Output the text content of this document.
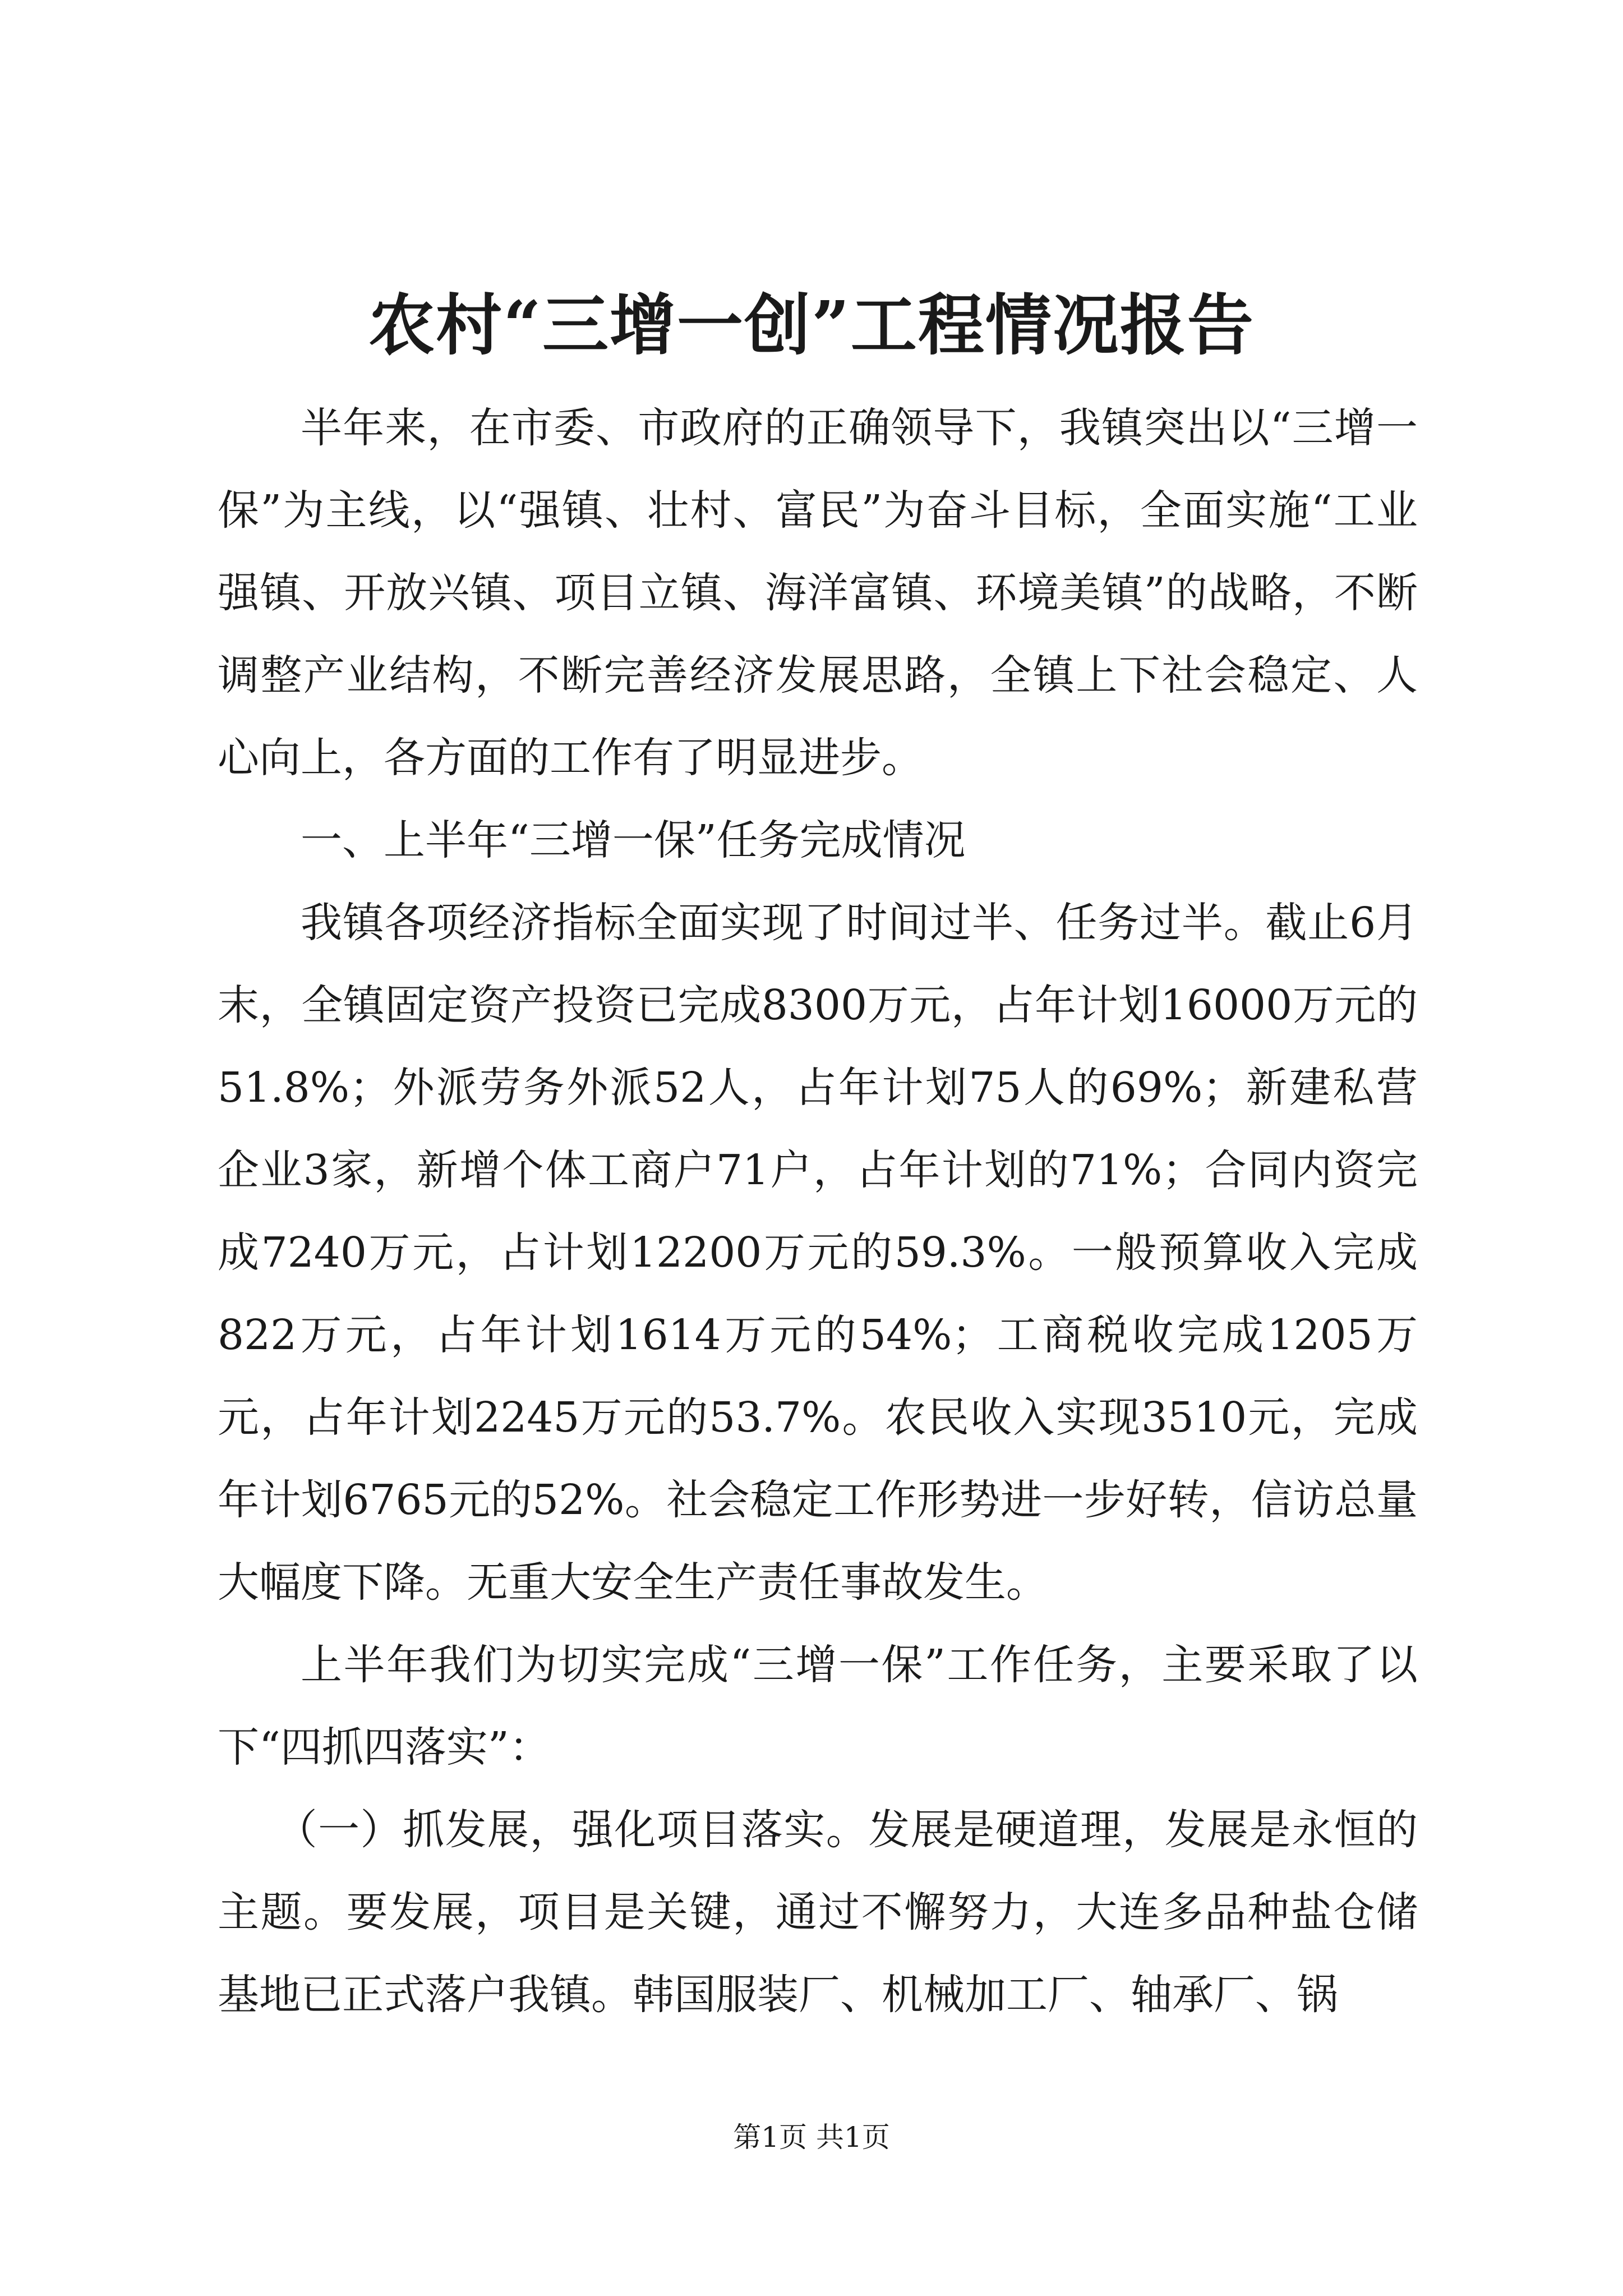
农村“三增一创”工程情况报告

半年来，在市委、市政府的正确领导下，我镇突出以“三增一保”为主线，以“强镇、壮村、富民”为奋斗目标，全面实施“工业强镇、开放兴镇、项目立镇、海洋富镇、环境美镇”的战略，不断调整产业结构，不断完善经济发展思路，全镇上下社会稳定、人心向上，各方面的工作有了明显进步。

一、上半年“三增一保”任务完成情况

我镇各项经济指标全面实现了时间过半、任务过半。截止6月末，全镇固定资产投资已完成8300万元，占年计划16000万元的51.8%；外派劳务外派52人，占年计划75人的69%；新建私营企业3家，新增个体工商户71户，占年计划的71%；合同内资完成7240万元，占计划12200万元的59.3%。一般预算收入完成822万元，占年计划1614万元的54%；工商税收完成1205万元，占年计划2245万元的53.7%。农民收入实现3510元，完成年计划6765元的52%。社会稳定工作形势进一步好转，信访总量大幅度下降。无重大安全生产责任事故发生。

上半年我们为切实完成“三增一保”工作任务，主要采取了以下“四抓四落实”：

（一）抓发展，强化项目落实。发展是硬道理，发展是永恒的主题。要发展，项目是关键，通过不懈努力，大连多品种盐仓储基地已正式落户我镇。韩国服装厂、机械加工厂、轴承厂、锅

第1页 共1页
